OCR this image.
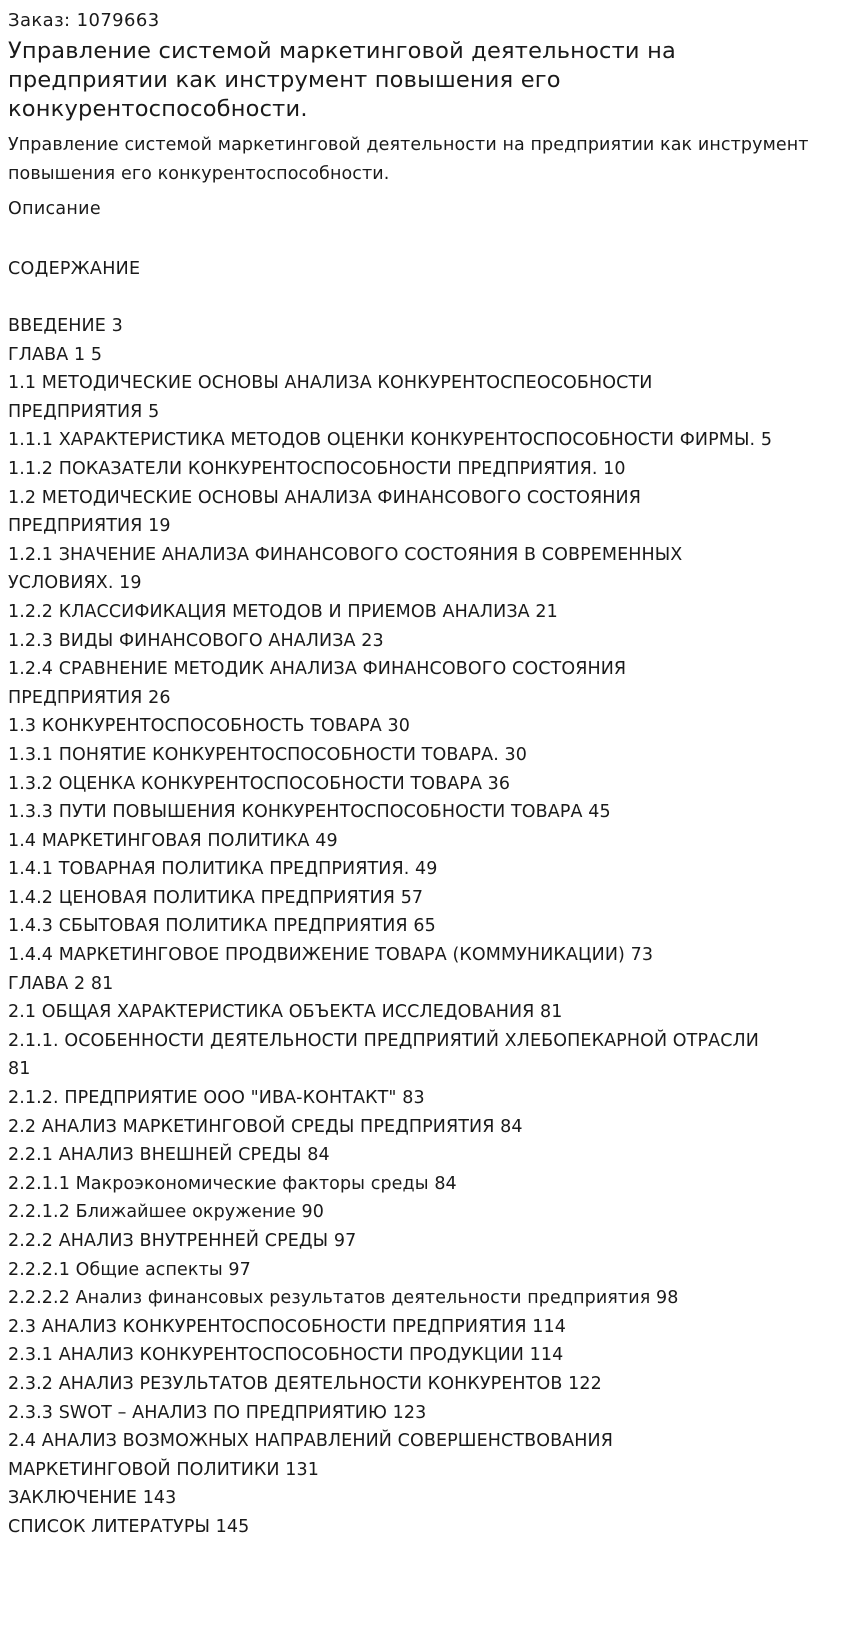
Заказ: 1079663
Управление системой маркетинговой деятельности на предприятии как инструмент повышения его конкурентоспособности.
Управление системой маркетинговой деятельности на предприятии как инструмент повышения его конкурентоспособности.
Описание
СОДЕРЖАНИЕ
ВВЕДЕНИЕ 3
ГЛАВА 1 5
1.1 МЕТОДИЧЕСКИЕ ОСНОВЫ АНАЛИЗА КОНКУРЕНТОСПЕОСОБНОСТИ
ПРЕДПРИЯТИЯ 5
1.1.1 ХАРАКТЕРИСТИКА МЕТОДОВ ОЦЕНКИ КОНКУРЕНТОСПОСОБНОСТИ ФИРМЫ. 5
1.1.2 ПОКАЗАТЕЛИ КОНКУРЕНТОСПОСОБНОСТИ ПРЕДПРИЯТИЯ. 10
1.2 МЕТОДИЧЕСКИЕ ОСНОВЫ АНАЛИЗА ФИНАНСОВОГО СОСТОЯНИЯ
ПРЕДПРИЯТИЯ 19
1.2.1 ЗНАЧЕНИЕ АНАЛИЗА ФИНАНСОВОГО СОСТОЯНИЯ В СОВРЕМЕННЫХ
УСЛОВИЯХ. 19
1.2.2 КЛАССИФИКАЦИЯ МЕТОДОВ И ПРИЕМОВ АНАЛИЗА 21
1.2.3 ВИДЫ ФИНАНСОВОГО АНАЛИЗА 23
1.2.4 СРАВНЕНИЕ МЕТОДИК АНАЛИЗА ФИНАНСОВОГО СОСТОЯНИЯ
ПРЕДПРИЯТИЯ 26
1.3 КОНКУРЕНТОСПОСОБНОСТЬ ТОВАРА 30
1.3.1 ПОНЯТИЕ КОНКУРЕНТОСПОСОБНОСТИ ТОВАРА. 30
1.3.2 ОЦЕНКА КОНКУРЕНТОСПОСОБНОСТИ ТОВАРА 36
1.3.3 ПУТИ ПОВЫШЕНИЯ КОНКУРЕНТОСПОСОБНОСТИ ТОВАРА 45
1.4 МАРКЕТИНГОВАЯ ПОЛИТИКА 49
1.4.1 ТОВАРНАЯ ПОЛИТИКА ПРЕДПРИЯТИЯ. 49
1.4.2 ЦЕНОВАЯ ПОЛИТИКА ПРЕДПРИЯТИЯ 57
1.4.3 СБЫТОВАЯ ПОЛИТИКА ПРЕДПРИЯТИЯ 65
1.4.4 МАРКЕТИНГОВОЕ ПРОДВИЖЕНИЕ ТОВАРА (КОММУНИКАЦИИ) 73
ГЛАВА 2 81
2.1 ОБЩАЯ ХАРАКТЕРИСТИКА ОБЪЕКТА ИССЛЕДОВАНИЯ 81
2.1.1. ОСОБЕННОСТИ ДЕЯТЕЛЬНОСТИ ПРЕДПРИЯТИЙ ХЛЕБОПЕКАРНОЙ ОТРАСЛИ
81
2.1.2. ПРЕДПРИЯТИЕ ООО "ИВА-КОНТАКТ" 83
2.2 АНАЛИЗ МАРКЕТИНГОВОЙ СРЕДЫ ПРЕДПРИЯТИЯ 84
2.2.1 АНАЛИЗ ВНЕШНЕЙ СРЕДЫ 84
2.2.1.1 Макроэкономические факторы среды 84
2.2.1.2 Ближайшее окружение 90
2.2.2 АНАЛИЗ ВНУТРЕННЕЙ СРЕДЫ 97
2.2.2.1 Общие аспекты 97
2.2.2.2 Анализ финансовых результатов деятельности предприятия 98
2.3 АНАЛИЗ КОНКУРЕНТОСПОСОБНОСТИ ПРЕДПРИЯТИЯ 114
2.3.1 АНАЛИЗ КОНКУРЕНТОСПОСОБНОСТИ ПРОДУКЦИИ 114
2.3.2 АНАЛИЗ РЕЗУЛЬТАТОВ ДЕЯТЕЛЬНОСТИ КОНКУРЕНТОВ 122
2.3.3 SWOT – АНАЛИЗ ПО ПРЕДПРИЯТИЮ 123
2.4 АНАЛИЗ ВОЗМОЖНЫХ НАПРАВЛЕНИЙ СОВЕРШЕНСТВОВАНИЯ
МАРКЕТИНГОВОЙ ПОЛИТИКИ 131
ЗАКЛЮЧЕНИЕ 143
СПИСОК ЛИТЕРАТУРЫ 145
